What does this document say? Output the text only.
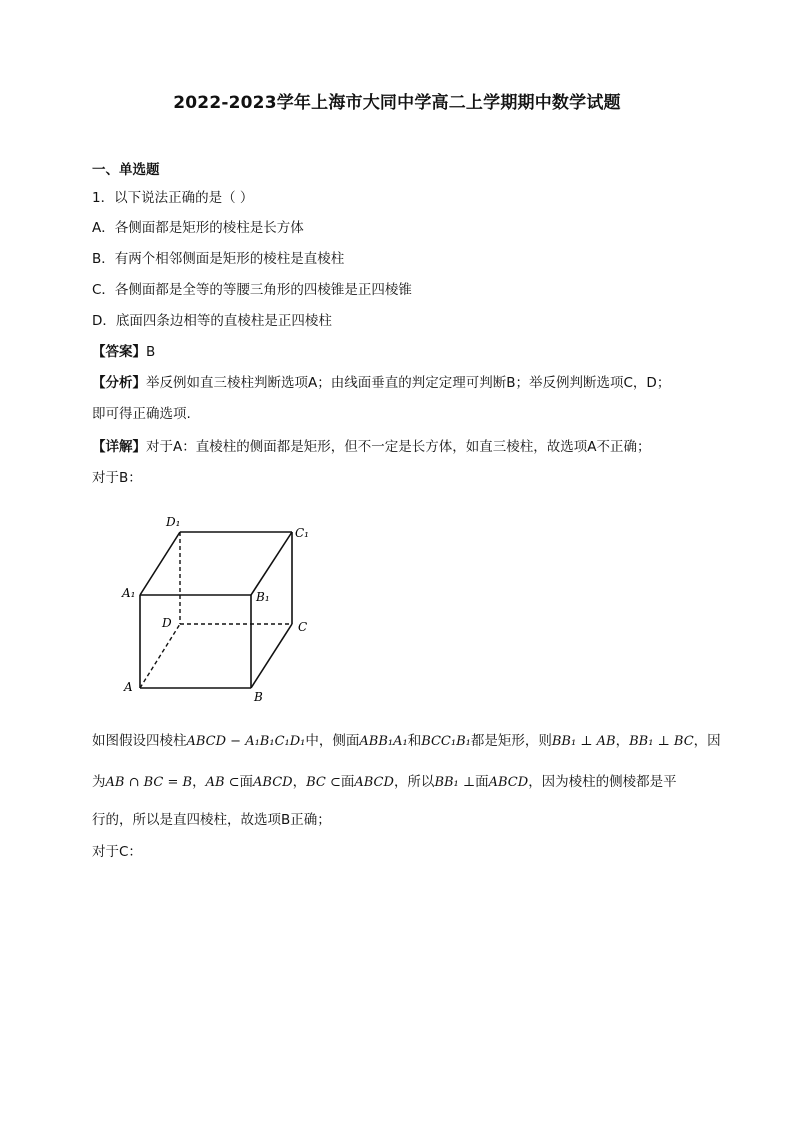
2022-2023学年上海市大同中学高二上学期期中数学试题
一、单选题
1．以下说法正确的是（ ）
A．各侧面都是矩形的棱柱是长方体
B．有两个相邻侧面是矩形的棱柱是直棱柱
C．各侧面都是全等的等腰三角形的四棱锥是正四棱锥
D．底面四条边相等的直棱柱是正四棱柱
【答案】B
【分析】举反例如直三棱柱判断选项A；由线面垂直的判定定理可判断B；举反例判断选项C，D；
即可得正确选项.
【详解】对于A：直棱柱的侧面都是矩形，但不一定是长方体，如直三棱柱，故选项A不正确；
对于B：
D₁
C₁
A₁	B₁
D	C
A
B
如图假设四棱柱ABCD − A₁B₁C₁D₁中，侧面ABB₁A₁和BCC₁B₁都是矩形，则BB₁ ⊥ AB，BB₁ ⊥ BC，因
为AB ∩ BC = B，AB ⊂面ABCD，BC ⊂面ABCD，所以BB₁ ⊥面ABCD，因为棱柱的侧棱都是平
行的，所以是直四棱柱，故选项B正确；
对于C：
